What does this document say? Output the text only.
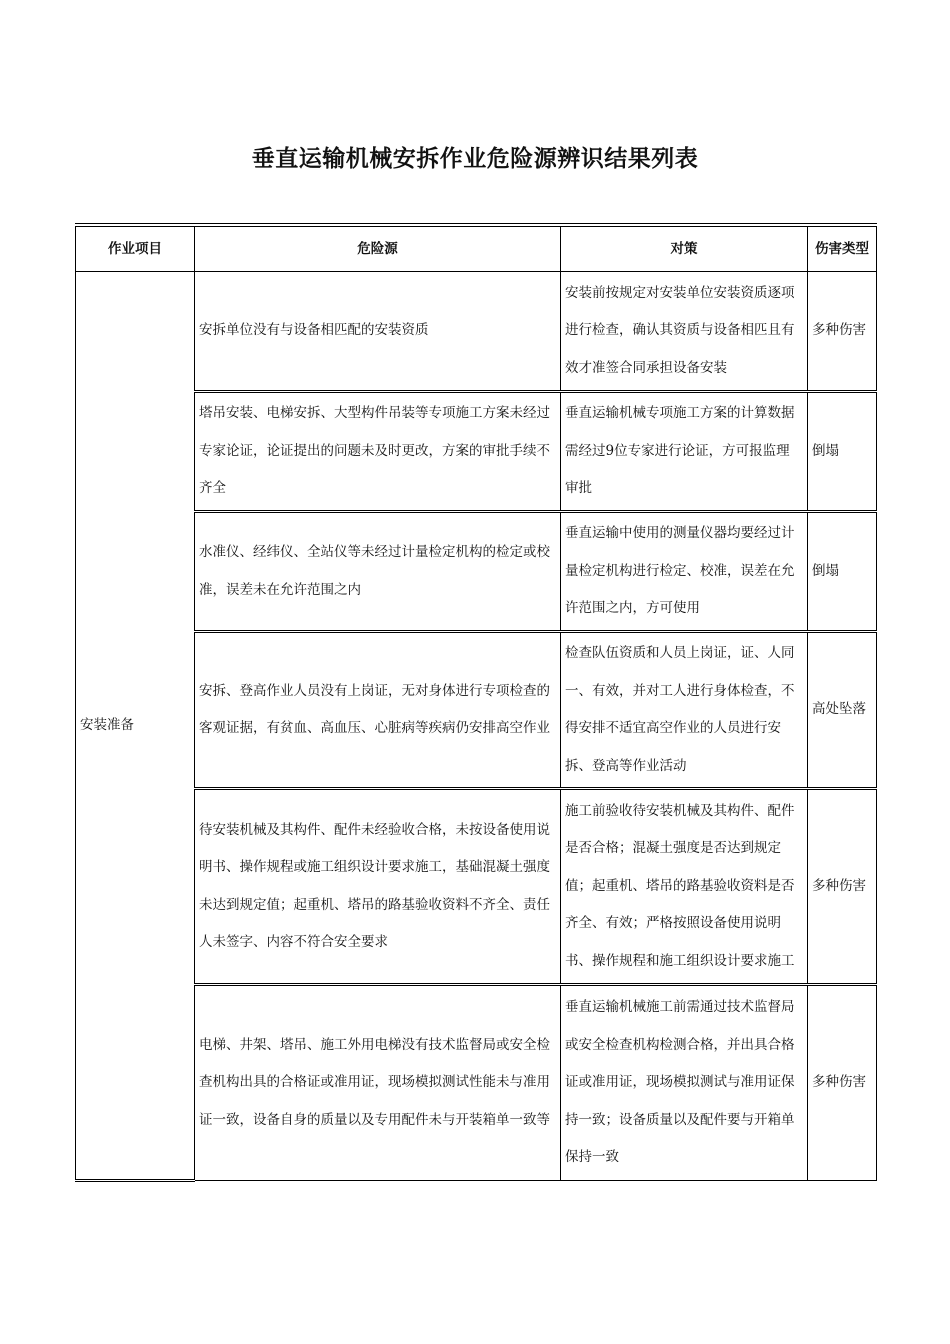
垂直运输机械安拆作业危险源辨识结果列表
作业项目	危险源	对策	伤害类型
安装准备	安拆单位没有与设备相匹配的安装资质	安装前按规定对安装单位安装资质逐项进行检查，确认其资质与设备相匹且有效才准签合同承担设备安装	多种伤害
	塔吊安装、电梯安拆、大型构件吊装等专项施工方案未经过专家论证，论证提出的问题未及时更改，方案的审批手续不齐全	垂直运输机械专项施工方案的计算数据需经过9位专家进行论证，方可报监理审批	倒塌
	水准仪、经纬仪、全站仪等未经过计量检定机构的检定或校准，误差未在允许范围之内	垂直运输中使用的测量仪器均要经过计量检定机构进行检定、校准，误差在允许范围之内，方可使用	倒塌
	安拆、登高作业人员没有上岗证，无对身体进行专项检查的客观证据，有贫血、高血压、心脏病等疾病仍安排高空作业	检查队伍资质和人员上岗证，证、人同一、有效，并对工人进行身体检查，不得安排不适宜高空作业的人员进行安拆、登高等作业活动	高处坠落
	待安装机械及其构件、配件未经验收合格，未按设备使用说明书、操作规程或施工组织设计要求施工，基础混凝土强度未达到规定值；起重机、塔吊的路基验收资料不齐全、责任人未签字、内容不符合安全要求	施工前验收待安装机械及其构件、配件是否合格；混凝土强度是否达到规定值；起重机、塔吊的路基验收资料是否齐全、有效；严格按照设备使用说明书、操作规程和施工组织设计要求施工	多种伤害
	电梯、井架、塔吊、施工外用电梯没有技术监督局或安全检查机构出具的合格证或准用证，现场模拟测试性能未与准用证一致，设备自身的质量以及专用配件未与开装箱单一致等	垂直运输机械施工前需通过技术监督局或安全检查机构检测合格，并出具合格证或准用证，现场模拟测试与准用证保持一致；设备质量以及配件要与开箱单保持一致	多种伤害
